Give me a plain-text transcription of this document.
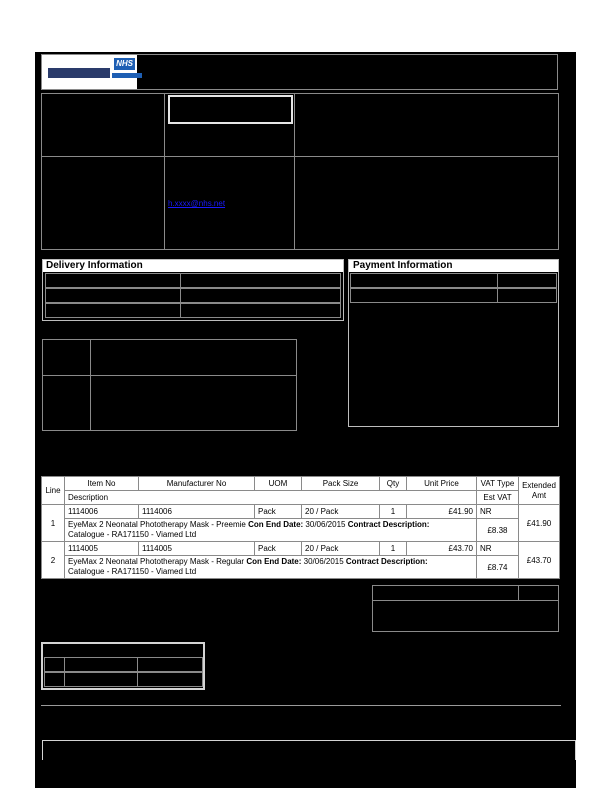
NHS
h.xxxx@nhs.net
Delivery Information	Payment Information
Line	Item No	Manufacturer No	UOM	Pack Size	Qty	Unit Price	VAT Type	Extended Amt
	Description						Est VAT	
1	1114006	1114006	Pack	20 / Pack	1	£41.90	NR	£41.90
	EyeMax 2 Neonatal Phototherapy Mask - Preemie Con End Date: 30/06/2015 Contract Description:
Catalogue - RA171150 - Viamed Ltd						£8.38	
2	1114005	1114005	Pack	20 / Pack	1	£43.70	NR	£43.70
	EyeMax 2 Neonatal Phototherapy Mask - Regular Con End Date: 30/06/2015 Contract Description:
Catalogue - RA171150 - Viamed Ltd						£8.74	
